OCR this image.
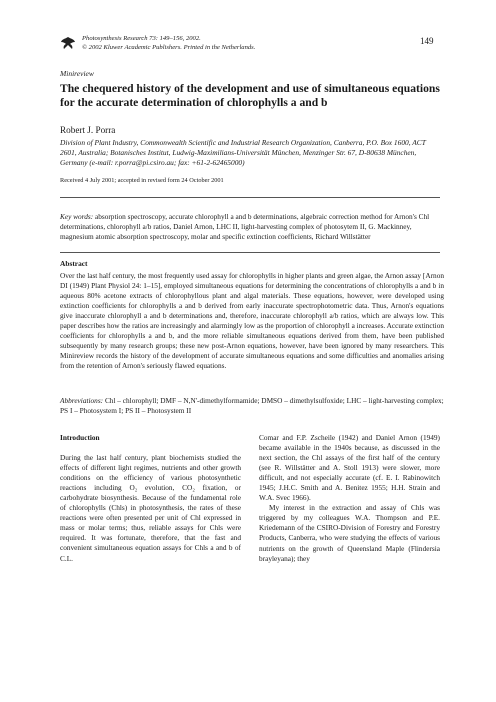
Photosynthesis Research 73: 149–156, 2002.
© 2002 Kluwer Academic Publishers. Printed in the Netherlands.
149
Minireview
The chequered history of the development and use of simultaneous equations for the accurate determination of chlorophylls a and b
Robert J. Porra
Division of Plant Industry, Commonwealth Scientific and Industrial Research Organization, Canberra, P.O. Box 1600, ACT 2601, Australia; Botanisches Institut, Ludwig-Maximilians-Universität München, Menzinger Str. 67, D-80638 München, Germany (e-mail: r.porra@pi.csiro.au; fax: +61-2-62465000)
Received 4 July 2001; accepted in revised form 24 October 2001
Key words: absorption spectroscopy, accurate chlorophyll a and b determinations, algebraic correction method for Arnon's Chl determinations, chlorophyll a/b ratios, Daniel Arnon, LHC II, light-harvesting complex of photosytem II, G. Mackinney, magnesium atomic absorption spectroscopy, molar and specific extinction coefficients, Richard Willstätter
Abstract
Over the last half century, the most frequently used assay for chlorophylls in higher plants and green algae, the Arnon assay [Arnon DI (1949) Plant Physiol 24: 1–15], employed simultaneous equations for determining the concentrations of chlorophylls a and b in aqueous 80% acetone extracts of chlorophyllous plant and algal materials. These equations, however, were developed using extinction coefficients for chlorophylls a and b derived from early inaccurate spectrophotometric data. Thus, Arnon's equations give inaccurate chlorophyll a and b determinations and, therefore, inaccurate chlorophyll a/b ratios, which are always low. This paper describes how the ratios are increasingly and alarmingly low as the proportion of chlorophyll a increases. Accurate extinction coefficients for chlorophylls a and b, and the more reliable simultaneous equations derived from them, have been published subsequently by many research groups; these new post-Arnon equations, however, have been ignored by many researchers. This Minireview records the history of the development of accurate simultaneous equations and some difficulties and anomalies arising from the retention of Arnon's seriously flawed equations.
Abbreviations: Chl – chlorophyll; DMF – N,N'-dimethylformamide; DMSO – dimethylsulfoxide; LHC – light-harvesting complex; PS I – Photosystem I; PS II – Photosystem II

Introduction

During the last half century, plant biochemists studied the effects of different light regimes, nutrients and other growth conditions on the efficiency of various photosynthetic reactions including O₂ evolution, CO₂ fixation, or carbohydrate biosynthesis. Because of the fundamental role of chlorophylls (Chls) in photosynthesis, the rates of these reactions were often presented per unit of Chl expressed in mass or molar terms; thus, reliable assays for Chls were required. It was fortunate, therefore, that the fast and convenient simultaneous equation assays for Chls a and b of C.L.

Comar and F.P. Zscheile (1942) and Daniel Arnon (1949) became available in the 1940s because, as discussed in the next section, the Chl assays of the first half of the century (see R. Willstätter and A. Stoll 1913) were slower, more difficult, and not especially accurate (cf. E. I. Rabinowitch 1945; J.H.C. Smith and A. Benitez 1955; H.H. Strain and W.A. Svec 1966).

My interest in the extraction and assay of Chls was triggered by my colleagues W.A. Thompson and P.E. Kriedemann of the CSIRO-Division of Forestry and Forestry Products, Canberra, who were studying the effects of various nutrients on the growth of Queensland Maple (Flindersia brayleyana); they
